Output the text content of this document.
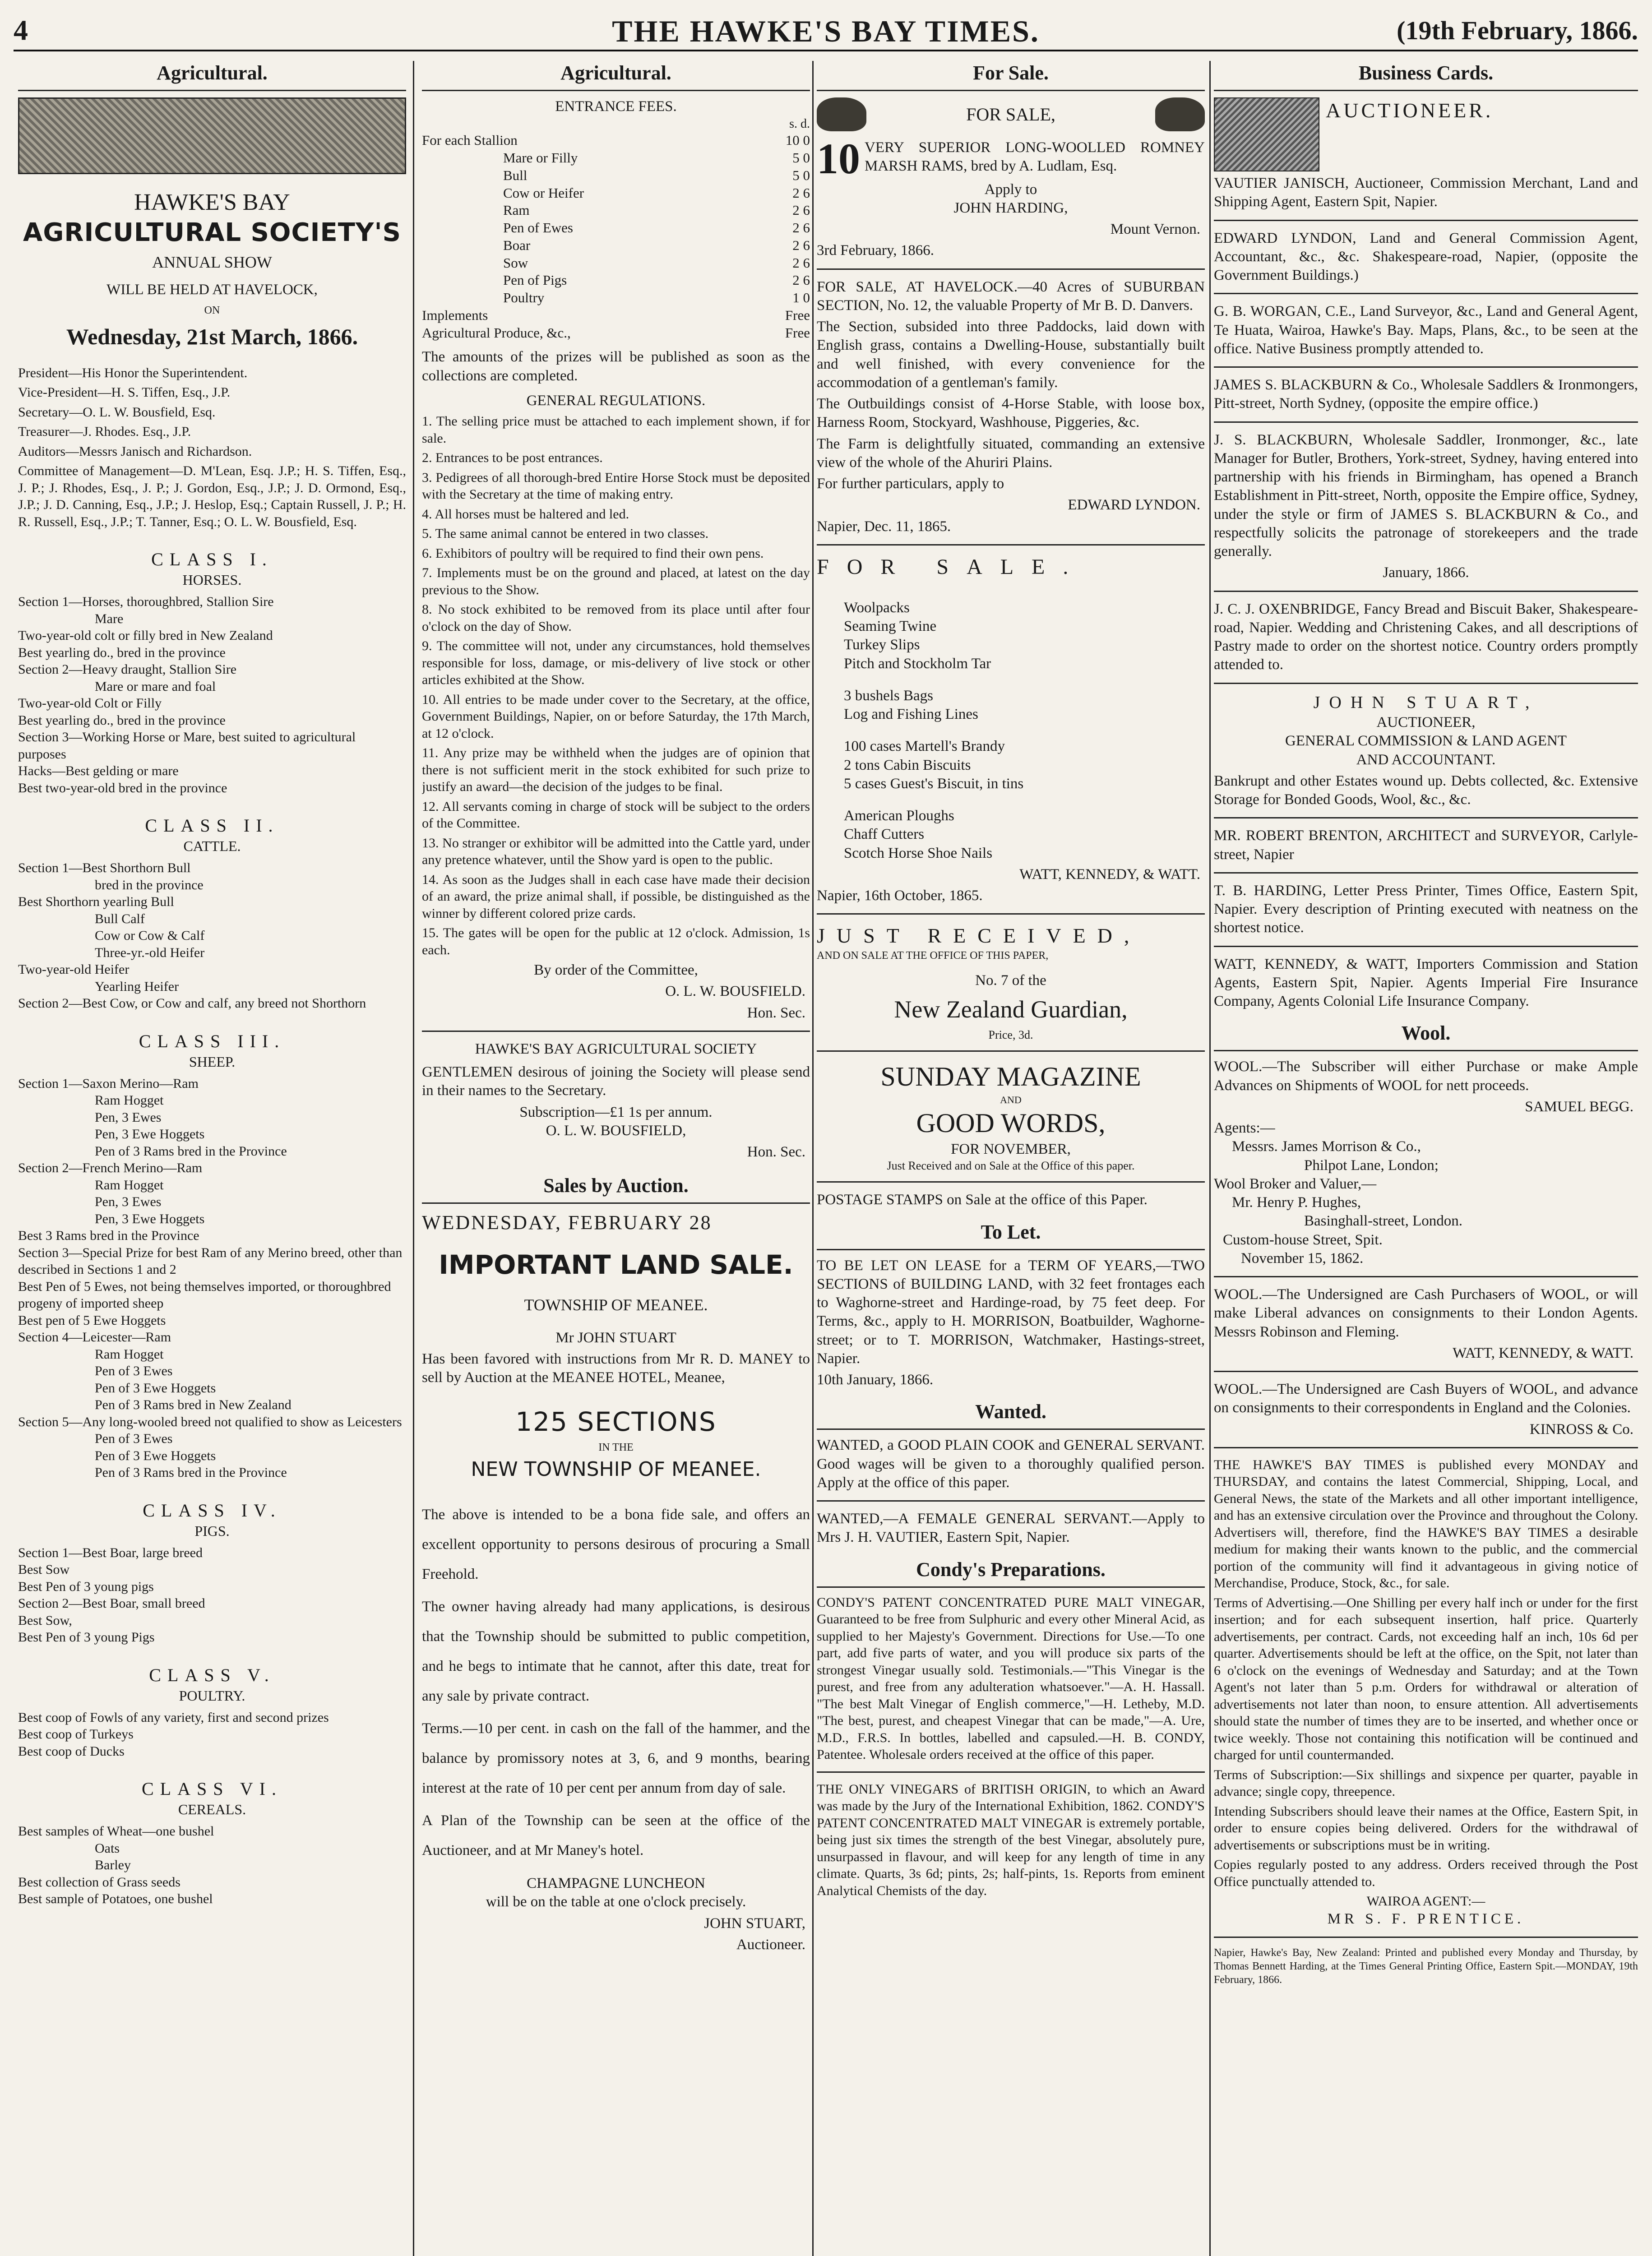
4	THE HAWKE'S BAY TIMES.	(19th February, 1866.
Agricultural.
HAWKE'S BAY
AGRICULTURAL SOCIETY'S
ANNUAL SHOW
WILL BE HELD AT HAVELOCK,
ON
Wednesday, 21st March, 1866.

President—His Honor the Superintendent.

Vice-President—H. S. Tiffen, Esq., J.P.

Secretary—O. L. W. Bousfield, Esq.

Treasurer—J. Rhodes. Esq., J.P.

Auditors—Messrs Janisch and Richardson.

Committee of Management—D. M'Lean, Esq. J.P.; H. S. Tiffen, Esq., J. P.; J. Rhodes, Esq., J. P.; J. Gordon, Esq., J.P.; J. D. Ormond, Esq., J.P.; J. D. Canning, Esq., J.P.; J. Heslop, Esq.; Captain Russell, J. P.; H. R. Russell, Esq., J.P.; T. Tanner, Esq.; O. L. W. Bousfield, Esq.

CLASS I.
HORSES.
Section 1—Horses, thoroughbred, Stallion Sire
Mare
Two-year-old colt or filly bred in New Zealand
Best yearling do., bred in the province
Section 2—Heavy draught, Stallion Sire
Mare or mare and foal
Two-year-old Colt or Filly
Best yearling do., bred in the province
Section 3—Working Horse or Mare, best suited to agricultural purposes
Hacks—Best gelding or mare
Best two-year-old bred in the province
CLASS II.
CATTLE.
Section 1—Best Shorthorn Bull
bred in the province
Best Shorthorn yearling Bull
Bull Calf
Cow or Cow & Calf
Three-yr.-old Heifer
Two-year-old Heifer
Yearling Heifer
Section 2—Best Cow, or Cow and calf, any breed not Shorthorn
CLASS III.
SHEEP.
Section 1—Saxon Merino—Ram
Ram Hogget
Pen, 3 Ewes
Pen, 3 Ewe Hoggets
Pen of 3 Rams bred in the Province
Section 2—French Merino—Ram
Ram Hogget
Pen, 3 Ewes
Pen, 3 Ewe Hoggets
Best 3 Rams bred in the Province
Section 3—Special Prize for best Ram of any Merino breed, other than described in Sections 1 and 2
Best Pen of 5 Ewes, not being themselves imported, or thoroughbred progeny of imported sheep
Best pen of 5 Ewe Hoggets
Section 4—Leicester—Ram
Ram Hogget
Pen of 3 Ewes
Pen of 3 Ewe Hoggets
Pen of 3 Rams bred in New Zealand
Section 5—Any long-wooled breed not qualified to show as Leicesters
Pen of 3 Ewes
Pen of 3 Ewe Hoggets
Pen of 3 Rams bred in the Province
CLASS IV.
PIGS.
Section 1—Best Boar, large breed
Best Sow
Best Pen of 3 young pigs
Section 2—Best Boar, small breed
Best Sow,
Best Pen of 3 young Pigs
CLASS V.
POULTRY.
Best coop of Fowls of any variety, first and second prizes
Best coop of Turkeys
Best coop of Ducks
CLASS VI.
CEREALS.
Best samples of Wheat—one bushel
Oats
Barley
Best collection of Grass seeds
Best sample of Potatoes, one bushel
Agricultural.
ENTRANCE FEES.
s. d.
For each Stallion	10 0
Mare or Filly	5 0
Bull	5 0
Cow or Heifer	2 6
Ram	2 6
Pen of Ewes	2 6
Boar	2 6
Sow	2 6
Pen of Pigs	2 6
Poultry	1 0
Implements	Free
Agricultural Produce, &c.,	Free

The amounts of the prizes will be published as soon as the collections are completed.

GENERAL REGULATIONS.

1. The selling price must be attached to each implement shown, if for sale.

2. Entrances to be post entrances.

3. Pedigrees of all thorough-bred Entire Horse Stock must be deposited with the Secretary at the time of making entry.

4. All horses must be haltered and led.

5. The same animal cannot be entered in two classes.

6. Exhibitors of poultry will be required to find their own pens.

7. Implements must be on the ground and placed, at latest on the day previous to the Show.

8. No stock exhibited to be removed from its place until after four o'clock on the day of Show.

9. The committee will not, under any circumstances, hold themselves responsible for loss, damage, or mis-delivery of live stock or other articles exhibited at the Show.

10. All entries to be made under cover to the Secretary, at the office, Government Buildings, Napier, on or before Saturday, the 17th March, at 12 o'clock.

11. Any prize may be withheld when the judges are of opinion that there is not sufficient merit in the stock exhibited for such prize to justify an award—the decision of the judges to be final.

12. All servants coming in charge of stock will be subject to the orders of the Committee.

13. No stranger or exhibitor will be admitted into the Cattle yard, under any pretence whatever, until the Show yard is open to the public.

14. As soon as the Judges shall in each case have made their decision of an award, the prize animal shall, if possible, be distinguished as the winner by different colored prize cards.

15. The gates will be open for the public at 12 o'clock. Admission, 1s each.

By order of the Committee,
O. L. W. BOUSFIELD.
Hon. Sec.
HAWKE'S BAY AGRICULTURAL SOCIETY

GENTLEMEN desirous of joining the Society will please send in their names to the Secretary.

Subscription—£1 1s per annum.
O. L. W. BOUSFIELD,
Hon. Sec.
Sales by Auction.
WEDNESDAY, FEBRUARY 28
IMPORTANT LAND SALE.
TOWNSHIP OF MEANEE.
Mr JOHN STUART

Has been favored with instructions from Mr R. D. MANEY to sell by Auction at the MEANEE HOTEL, Meanee,

125 SECTIONS
IN THE
NEW TOWNSHIP OF MEANEE.

The above is intended to be a bona fide sale, and offers an excellent opportunity to persons desirous of procuring a Small Freehold.

The owner having already had many applications, is desirous that the Township should be submitted to public competition, and he begs to intimate that he cannot, after this date, treat for any sale by private contract.

Terms.—10 per cent. in cash on the fall of the hammer, and the balance by promissory notes at 3, 6, and 9 months, bearing interest at the rate of 10 per cent per annum from day of sale.

A Plan of the Township can be seen at the office of the Auctioneer, and at Mr Maney's hotel.

CHAMPAGNE LUNCHEON
will be on the table at one o'clock precisely.
JOHN STUART,
Auctioneer.
For Sale.
FOR SALE,

10 VERY SUPERIOR LONG-WOOLLED ROMNEY MARSH RAMS, bred by A. Ludlam, Esq.

Apply to
JOHN HARDING,
Mount Vernon.
3rd February, 1866.

FOR SALE, AT HAVELOCK.—40 Acres of SUBURBAN SECTION, No. 12, the valuable Property of Mr B. D. Danvers.

The Section, subsided into three Paddocks, laid down with English grass, contains a Dwelling-House, substantially built and well finished, with every convenience for the accommodation of a gentleman's family.

The Outbuildings consist of 4-Horse Stable, with loose box, Harness Room, Stockyard, Washhouse, Piggeries, &c.

The Farm is delightfully situated, commanding an extensive view of the whole of the Ahuriri Plains.

For further particulars, apply to
EDWARD LYNDON.
Napier, Dec. 11, 1865.
FOR SALE.
Woolpacks
Seaming Twine
Turkey Slips
Pitch and Stockholm Tar
3 bushels Bags
Log and Fishing Lines
100 cases Martell's Brandy
2 tons Cabin Biscuits
5 cases Guest's Biscuit, in tins
American Ploughs
Chaff Cutters
Scotch Horse Shoe Nails
WATT, KENNEDY, & WATT.
Napier, 16th October, 1865.
JUST RECEIVED,
AND ON SALE AT THE OFFICE OF THIS PAPER,
No. 7 of the
New Zealand Guardian,
Price, 3d.
SUNDAY MAGAZINE
AND
GOOD WORDS,
FOR NOVEMBER,
Just Received and on Sale at the Office of this paper.

POSTAGE STAMPS on Sale at the office of this Paper.

To Let.

TO BE LET ON LEASE for a TERM OF YEARS,—TWO SECTIONS of BUILDING LAND, with 32 feet frontages each to Waghorne-street and Hardinge-road, by 75 feet deep. For Terms, &c., apply to H. MORRISON, Boatbuilder, Waghorne-street; or to T. MORRISON, Watchmaker, Hastings-street, Napier.

10th January, 1866.
Wanted.

WANTED, a GOOD PLAIN COOK and GENERAL SERVANT. Good wages will be given to a thoroughly qualified person. Apply at the office of this paper.

WANTED,—A FEMALE GENERAL SERVANT.—Apply to Mrs J. H. VAUTIER, Eastern Spit, Napier.

Condy's Preparations.

CONDY'S PATENT CONCENTRATED PURE MALT VINEGAR, Guaranteed to be free from Sulphuric and every other Mineral Acid, as supplied to her Majesty's Government. Directions for Use.—To one part, add five parts of water, and you will produce six parts of the strongest Vinegar usually sold. Testimonials.—"This Vinegar is the purest, and free from any adulteration whatsoever."—A. H. Hassall. "The best Malt Vinegar of English commerce,"—H. Letheby, M.D. "The best, purest, and cheapest Vinegar that can be made,"—A. Ure, M.D., F.R.S. In bottles, labelled and capsuled.—H. B. CONDY, Patentee. Wholesale orders received at the office of this paper.

THE ONLY VINEGARS of BRITISH ORIGIN, to which an Award was made by the Jury of the International Exhibition, 1862. CONDY'S PATENT CONCENTRATED MALT VINEGAR is extremely portable, being just six times the strength of the best Vinegar, absolutely pure, unsurpassed in flavour, and will keep for any length of time in any climate. Quarts, 3s 6d; pints, 2s; half-pints, 1s. Reports from eminent Analytical Chemists of the day.

Business Cards.
AUCTIONEER.

VAUTIER JANISCH, Auctioneer, Commission Merchant, Land and Shipping Agent, Eastern Spit, Napier.

EDWARD LYNDON, Land and General Commission Agent, Accountant, &c., &c. Shakespeare-road, Napier, (opposite the Government Buildings.)

G. B. WORGAN, C.E., Land Surveyor, &c., Land and General Agent, Te Huata, Wairoa, Hawke's Bay. Maps, Plans, &c., to be seen at the office. Native Business promptly attended to.

JAMES S. BLACKBURN & Co., Wholesale Saddlers & Ironmongers, Pitt-street, North Sydney, (opposite the empire office.)

J. S. BLACKBURN, Wholesale Saddler, Ironmonger, &c., late Manager for Butler, Brothers, York-street, Sydney, having entered into partnership with his friends in Birmingham, has opened a Branch Establishment in Pitt-street, North, opposite the Empire office, Sydney, under the style or firm of JAMES S. BLACKBURN & Co., and respectfully solicits the patronage of storekeepers and the trade generally.

January, 1866.

J. C. J. OXENBRIDGE, Fancy Bread and Biscuit Baker, Shakespeare-road, Napier. Wedding and Christening Cakes, and all descriptions of Pastry made to order on the shortest notice. Country orders promptly attended to.

JOHN STUART,
AUCTIONEER,
GENERAL COMMISSION & LAND AGENT
AND ACCOUNTANT.

Bankrupt and other Estates wound up. Debts collected, &c. Extensive Storage for Bonded Goods, Wool, &c., &c.

MR. ROBERT BRENTON, ARCHITECT and SURVEYOR, Carlyle-street, Napier

T. B. HARDING, Letter Press Printer, Times Office, Eastern Spit, Napier. Every description of Printing executed with neatness on the shortest notice.

WATT, KENNEDY, & WATT, Importers Commission and Station Agents, Eastern Spit, Napier. Agents Imperial Fire Insurance Company, Agents Colonial Life Insurance Company.

Wool.

WOOL.—The Subscriber will either Purchase or make Ample Advances on Shipments of WOOL for nett proceeds.

SAMUEL BEGG.
Agents:—
Messrs. James Morrison & Co.,
Philpot Lane, London;
Wool Broker and Valuer,—
Mr. Henry P. Hughes,
Basinghall-street, London.
Custom-house Street, Spit.
November 15, 1862.

WOOL.—The Undersigned are Cash Purchasers of WOOL, or will make Liberal advances on consignments to their London Agents. Messrs Robinson and Fleming.

WATT, KENNEDY, & WATT.

WOOL.—The Undersigned are Cash Buyers of WOOL, and advance on consignments to their correspondents in England and the Colonies.

KINROSS & Co.

THE HAWKE'S BAY TIMES is published every MONDAY and THURSDAY, and contains the latest Commercial, Shipping, Local, and General News, the state of the Markets and all other important intelligence, and has an extensive circulation over the Province and throughout the Colony. Advertisers will, therefore, find the HAWKE'S BAY TIMES a desirable medium for making their wants known to the public, and the commercial portion of the community will find it advantageous in giving notice of Merchandise, Produce, Stock, &c., for sale.

Terms of Advertising.—One Shilling per every half inch or under for the first insertion; and for each subsequent insertion, half price. Quarterly advertisements, per contract. Cards, not exceeding half an inch, 10s 6d per quarter. Advertisements should be left at the office, on the Spit, not later than 6 o'clock on the evenings of Wednesday and Saturday; and at the Town Agent's not later than 5 p.m. Orders for withdrawal or alteration of advertisements not later than noon, to ensure attention. All advertisements should state the number of times they are to be inserted, and whether once or twice weekly. Those not containing this notification will be continued and charged for until countermanded.

Terms of Subscription:—Six shillings and sixpence per quarter, payable in advance; single copy, threepence.

Intending Subscribers should leave their names at the Office, Eastern Spit, in order to ensure copies being delivered. Orders for the withdrawal of advertisements or subscriptions must be in writing.

Copies regularly posted to any address. Orders received through the Post Office punctually attended to.

WAIROA AGENT:—
MR S. F. PRENTICE.

Napier, Hawke's Bay, New Zealand: Printed and published every Monday and Thursday, by Thomas Bennett Harding, at the Times General Printing Office, Eastern Spit.—MONDAY, 19th February, 1866.
